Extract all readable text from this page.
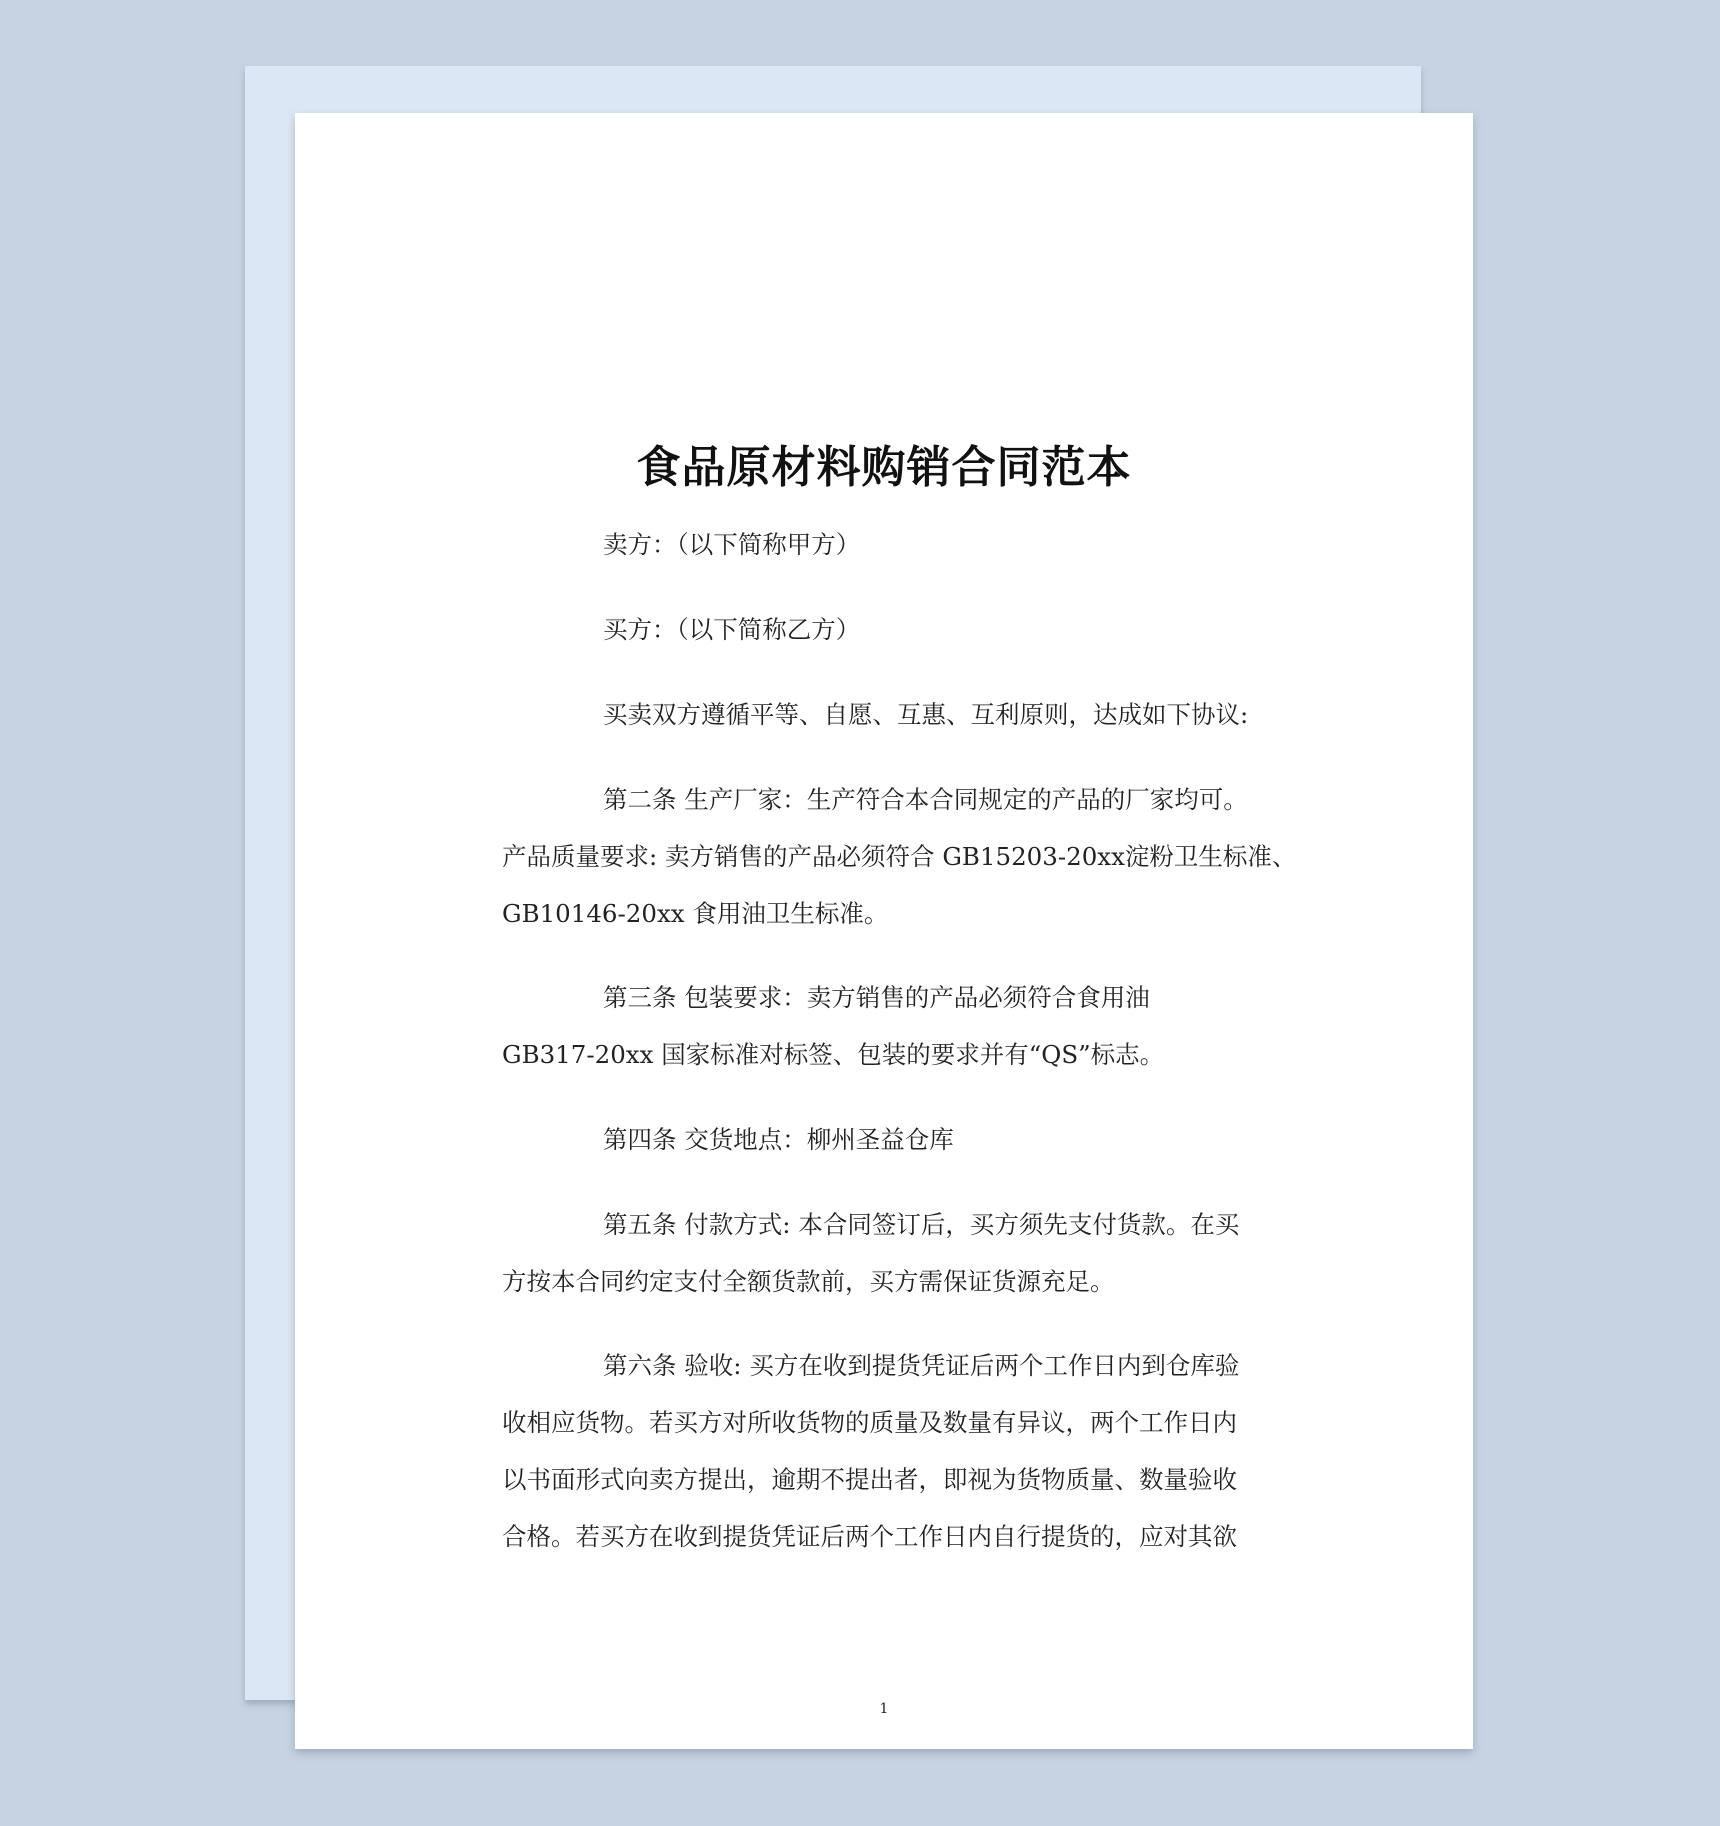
食品原材料购销合同范本
卖方：（以下简称甲方）
买方：（以下简称乙方）
买卖双方遵循平等、自愿、互惠、互利原则，达成如下协议:
第二条 生产厂家：生产符合本合同规定的产品的厂家均可。
产品质量要求: 卖方销售的产品必须符合 GB15203-20xx淀粉卫生标准、
GB10146-20xx 食用油卫生标准。
第三条 包装要求：卖方销售的产品必须符合食用油
GB317-20xx 国家标准对标签、包装的要求并有“QS”标志。
第四条 交货地点：柳州圣益仓库
第五条 付款方式: 本合同签订后，买方须先支付货款。在买
方按本合同约定支付全额货款前，买方需保证货源充足。
第六条 验收: 买方在收到提货凭证后两个工作日内到仓库验
收相应货物。若买方对所收货物的质量及数量有异议，两个工作日内
以书面形式向卖方提出，逾期不提出者，即视为货物质量、数量验收
合格。若买方在收到提货凭证后两个工作日内自行提货的，应对其欲
1
